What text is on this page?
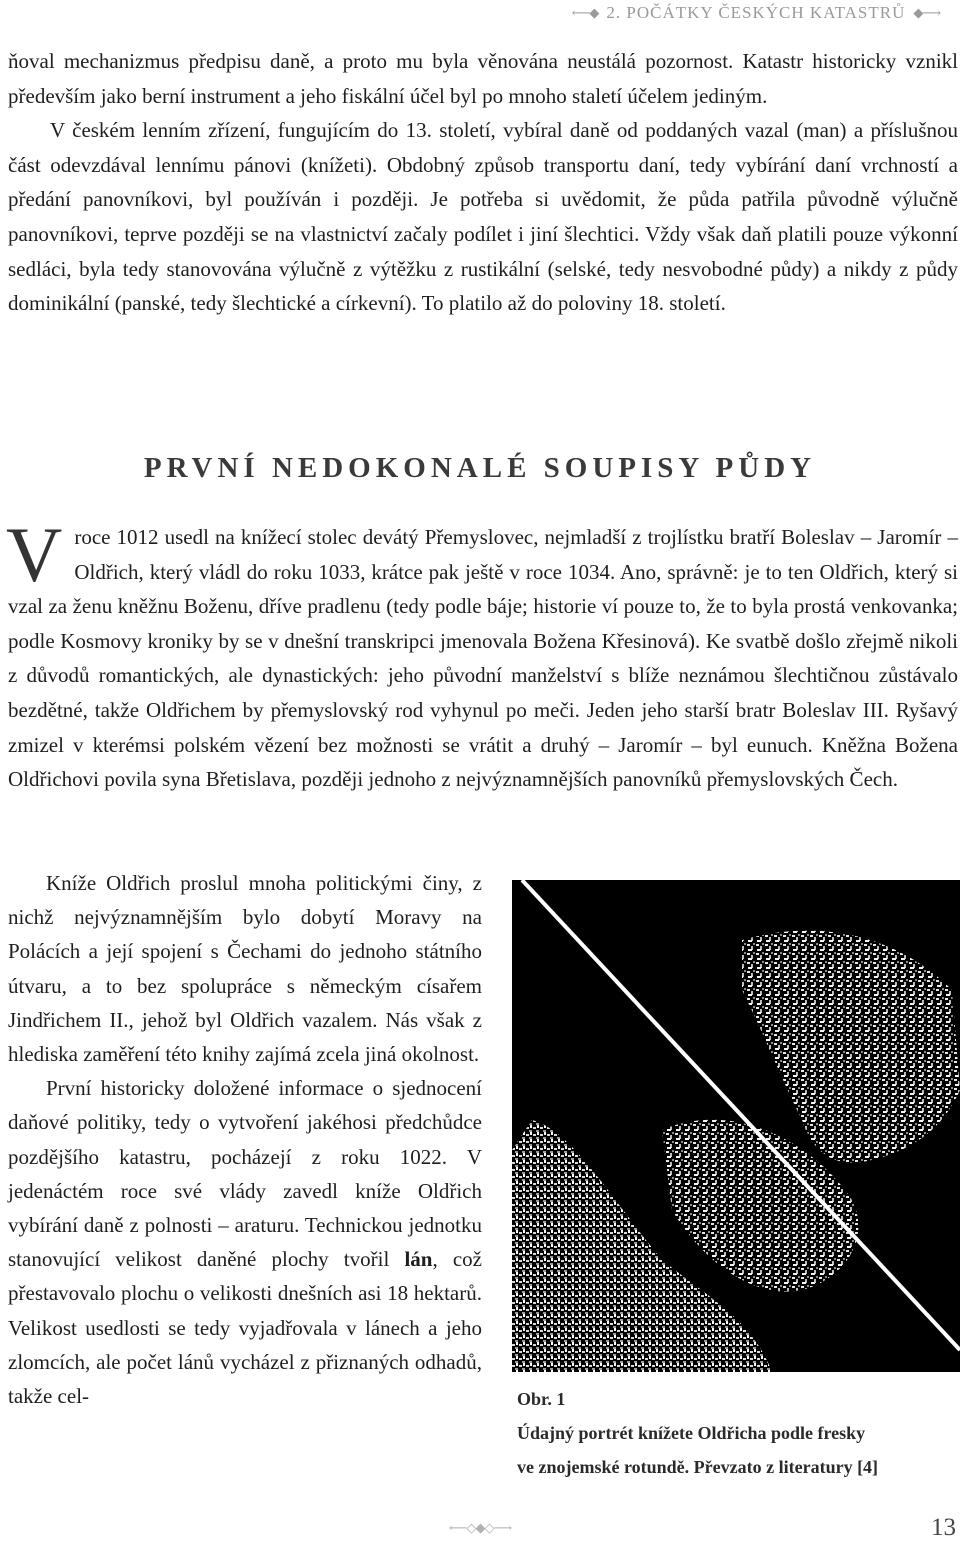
⟵◆ 2. POČÁTKY ČESKÝCH KATASTRŮ ◆⟶

ňoval mechanizmus předpisu daně, a proto mu byla věnována neustálá pozornost. Katastr historicky vznikl především jako berní instrument a jeho fiskální účel byl po mnoho staletí účelem jediným.

V českém lenním zřízení, fungujícím do 13. století, vybíral daně od poddaných vazal (man) a příslušnou část odevzdával lennímu pánovi (knížeti). Obdobný způsob transportu daní, tedy vybírání daní vrchností a předání panovníkovi, byl používán i později. Je potřeba si uvědomit, že půda patřila původně výlučně panovníkovi, teprve později se na vlastnictví začaly podílet i jiní šlechtici. Vždy však daň platili pouze výkonní sedláci, byla tedy stanovována výlučně z výtěžku z rustikální (selské, tedy nesvobodné půdy) a nikdy z půdy dominikální (panské, tedy šlechtické a církevní). To platilo až do poloviny 18. století.

PRVNÍ NEDOKONALÉ SOUPISY PŮDY

Vroce 1012 usedl na knížecí stolec devátý Přemyslovec, nejmladší z trojlístku bratří Boleslav – Jaromír – Oldřich, který vládl do roku 1033, krátce pak ještě v roce 1034. Ano, správně: je to ten Oldřich, který si vzal za ženu kněžnu Boženu, dříve pradlenu (tedy podle báje; historie ví pouze to, že to byla prostá venkovanka; podle Kosmovy kroniky by se v dnešní transkripci jmenovala Božena Křesinová). Ke svatbě došlo zřejmě nikoli z důvodů romantických, ale dynastických: jeho původní manželství s blíže neznámou šlechtičnou zůstávalo bezdětné, takže Oldřichem by přemyslovský rod vyhynul po meči. Jeden jeho starší bratr Boleslav III. Ryšavý zmizel v kterémsi polském vězení bez možnosti se vrátit a druhý – Jaromír – byl eunuch. Kněžna Božena Oldřichovi povila syna Břetislava, později jednoho z nejvýznamnějších panovníků přemyslovských Čech.

Kníže Oldřich proslul mnoha politickými činy, z nichž nejvýznamnějším bylo dobytí Moravy na Polácích a její spojení s Čechami do jednoho státního útvaru, a to bez spolupráce s německým císařem Jindřichem II., jehož byl Oldřich vazalem. Nás však z hlediska zaměření této knihy zajímá zcela jiná okolnost.

První historicky doložené informace o sjednocení daňové politiky, tedy o vytvoření jakéhosi předchůdce pozdějšího katastru, pocházejí z roku 1022. V jedenáctém roce své vlády zavedl kníže Oldřich vybírání daně z polnosti – araturu. Technickou jednotku stanovující velikost daněné plochy tvořil lán, což přestavovalo plochu o velikosti dnešních asi 18 hektarů. Velikost usedlosti se tedy vyjadřovala v lánech a jeho zlomcích, ale počet lánů vycházel z přiznaných odhadů, takže cel-	Obr. 1
Údajný portrét knížete Oldřicha podle fresky
ve znojemské rotundě. Převzato z literatury [4]
⟵◇◆◇⟶	13
